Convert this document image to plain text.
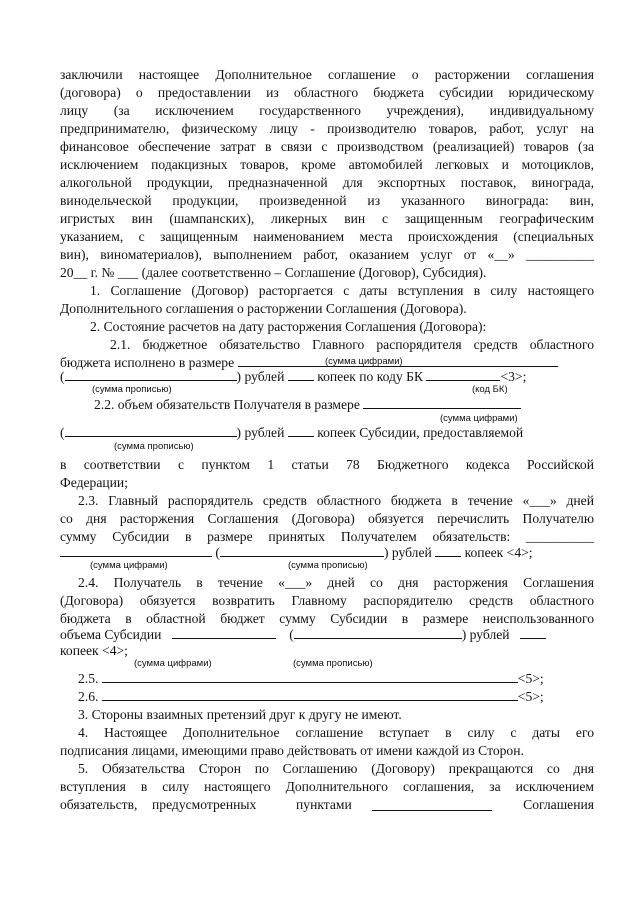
заключили настоящее Дополнительное соглашение о расторжении соглашения
(договора) о предоставлении из областного бюджета субсидии юридическому
лицу (за исключением государственного учреждения), индивидуальному
предпринимателю, физическому лицу - производителю товаров, работ, услуг на
финансовое обеспечение затрат в связи с производством (реализацией) товаров (за
исключением подакцизных товаров, кроме автомобилей легковых и мотоциклов,
алкогольной продукции, предназначенной для экспортных поставок, винограда,
винодельческой продукции, произведенной из указанного винограда: вин,
игристых вин (шампанских), ликерных вин с защищенным географическим
указанием, с защищенным наименованием места происхождения (специальных
вин), виноматериалов), выполнением работ, оказанием услуг от «__» __________
20__ г. № ___ (далее соответственно – Соглашение (Договор), Субсидия).
1. Соглашение (Договор) расторгается с даты вступления в силу настоящего
Дополнительного соглашения о расторжении Соглашения (Договора).
2. Состояние расчетов на дату расторжения Соглашения (Договора):
2.1. бюджетное обязательство Главного распорядителя средств областного
бюджета исполнено в размере	(сумма цифрами)
(	) рублей копеек по коду БК	<3>;
(сумма прописью)	(код БК)
2.2. объем обязательств Получателя в размере
(сумма цифрами)
(	) рублей копеек Субсидии, предоставляемой
(сумма прописью)
в соответствии с пунктом 1 статьи 78 Бюджетного кодекса Российской
Федерации;
2.3. Главный распорядитель средств областного бюджета в течение «___» дней
со дня расторжения Соглашения (Договора) обязуется перечислить Получателю
сумму Субсидии в размере принятых Получателем обязательств: __________
(	) рублей копеек <4>;
(сумма цифрами)	(сумма прописью)
2.4. Получатель в течение «___» дней со дня расторжения Соглашения
(Договора) обязуется возвратить Главному распорядителю средств областного
бюджета в областной бюджет сумму Субсидии в размере неиспользованного
объема Субсидии	(	) рублей
копеек <4>;
(сумма цифрами)	(сумма прописью)
2.5.	<5>;
2.6.	<5>;
3. Стороны взаимных претензий друг к другу не имеют.
4. Настоящее Дополнительное соглашение вступает в силу с даты его
подписания лицами, имеющими право действовать от имени каждой из Сторон.
5. Обязательства Сторон по Соглашению (Договору) прекращаются со дня
вступления в силу настоящего Дополнительного соглашения, за исключением
обязательств, предусмотренных	пунктами	Соглашения
